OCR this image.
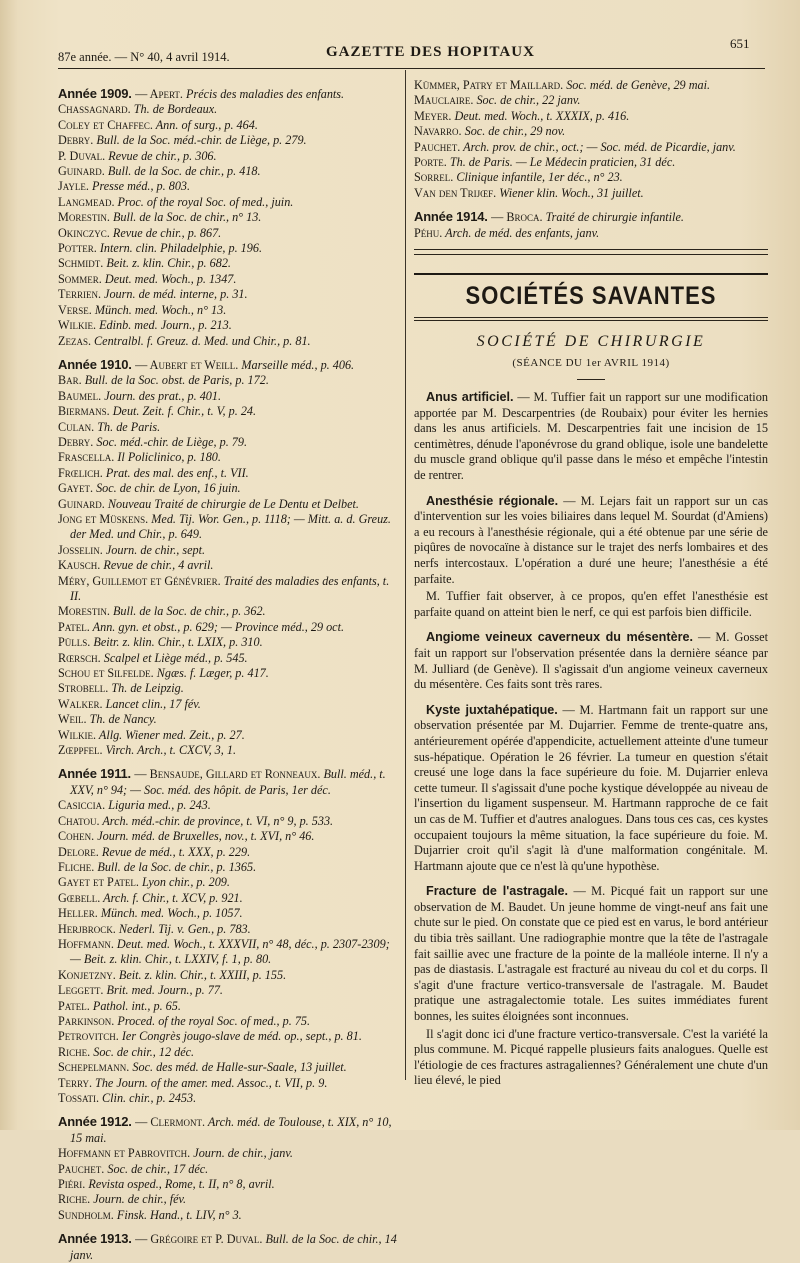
87e année. — N° 40, 4 avril 1914.	GAZETTE DES HOPITAUX
651

Année 1909. — Apert. Précis des maladies des enfants.

Chassagnard. Th. de Bordeaux.

Coley et Chaffec. Ann. of surg., p. 464.

Debry. Bull. de la Soc. méd.-chir. de Liège, p. 279.

P. Duval. Revue de chir., p. 306.

Guinard. Bull. de la Soc. de chir., p. 418.

Jayle. Presse méd., p. 803.

Langmead. Proc. of the royal Soc. of med., juin.

Morestin. Bull. de la Soc. de chir., n° 13.

Okinczyc. Revue de chir., p. 867.

Potter. Intern. clin. Philadelphie, p. 196.

Schmidt. Beit. z. klin. Chir., p. 682.

Sommer. Deut. med. Woch., p. 1347.

Terrien. Journ. de méd. interne, p. 31.

Verse. Münch. med. Woch., n° 13.

Wilkie. Edinb. med. Journ., p. 213.

Zezas. Centralbl. f. Greuz. d. Med. und Chir., p. 81.

Année 1910. — Aubert et Weill. Marseille méd., p. 406.

Bar. Bull. de la Soc. obst. de Paris, p. 172.

Baumel. Journ. des prat., p. 401.

Biermans. Deut. Zeit. f. Chir., t. V, p. 24.

Culan. Th. de Paris.

Debry. Soc. méd.-chir. de Liège, p. 79.

Frascella. Il Policlinico, p. 180.

Frœlich. Prat. des mal. des enf., t. VII.

Gayet. Soc. de chir. de Lyon, 16 juin.

Guinard. Nouveau Traité de chirurgie de Le Dentu et Delbet.

Jong et Müskens. Med. Tij. Wor. Gen., p. 1118; — Mitt. a. d. Greuz. der Med. und Chir., p. 649.

Josselin. Journ. de chir., sept.

Kausch. Revue de chir., 4 avril.

Méry, Guillemot et Génévrier. Traité des maladies des enfants, t. II.

Morestin. Bull. de la Soc. de chir., p. 362.

Patel. Ann. gyn. et obst., p. 629; — Province méd., 29 oct.

Pülls. Beitr. z. klin. Chir., t. LXIX, p. 310.

Rœrsch. Scalpel et Liège méd., p. 545.

Schou et Silfelde. Ngæs. f. Læger, p. 417.

Strobell. Th. de Leipzig.

Walker. Lancet clin., 17 fév.

Weil. Th. de Nancy.

Wilkie. Allg. Wiener med. Zeit., p. 27.

Zœppfel. Virch. Arch., t. CXCV, 3, 1.

Année 1911. — Bensaude, Gillard et Ronneaux. Bull. méd., t. XXV, n° 94; — Soc. méd. des hôpit. de Paris, 1er déc.

Casiccia. Liguria med., p. 243.

Chatou. Arch. méd.-chir. de province, t. VI, n° 9, p. 533.

Cohen. Journ. méd. de Bruxelles, nov., t. XVI, n° 46.

Delore. Revue de méd., t. XXX, p. 229.

Fliche. Bull. de la Soc. de chir., p. 1365.

Gayet et Patel. Lyon chir., p. 209.

Gœbell. Arch. f. Chir., t. XCV, p. 921.

Heller. Münch. med. Woch., p. 1057.

Herjbrock. Nederl. Tij. v. Gen., p. 783.

Hoffmann. Deut. med. Woch., t. XXXVII, n° 48, déc., p. 2307-2309; — Beit. z. klin. Chir., t. LXXIV, f. 1, p. 80.

Konjetzny. Beit. z. klin. Chir., t. XXIII, p. 155.

Leggett. Brit. med. Journ., p. 77.

Patel. Pathol. int., p. 65.

Parkinson. Proced. of the royal Soc. of med., p. 75.

Petrovitch. Ier Congrès jougo-slave de méd. op., sept., p. 81.

Riche. Soc. de chir., 12 déc.

Schepelmann. Soc. des méd. de Halle-sur-Saale, 13 juillet.

Terry. The Journ. of the amer. med. Assoc., t. VII, p. 9.

Tossati. Clin. chir., p. 2453.

Année 1912. — Clermont. Arch. méd. de Toulouse, t. XIX, n° 10, 15 mai.

Hoffmann et Pabrovitch. Journ. de chir., janv.

Pauchet. Soc. de chir., 17 déc.

Piéri. Revista osped., Rome, t. II, n° 8, avril.

Riche. Journ. de chir., fév.

Sundholm. Finsk. Hand., t. LIV, n° 3.

Année 1913. — Grégoire et P. Duval. Bull. de la Soc. de chir., 14 janv.

Kümmer, Patry et Maillard. Soc. méd. de Genève, 29 mai.

Mauclaire. Soc. de chir., 22 janv.

Meyer. Deut. med. Woch., t. XXXIX, p. 416.

Navarro. Soc. de chir., 29 nov.

Pauchet. Arch. prov. de chir., oct.; — Soc. méd. de Picardie, janv.

Porte. Th. de Paris. — Le Médecin praticien, 31 déc.

Sorrel. Clinique infantile, 1er déc., n° 23.

Van den Trijœf. Wiener klin. Woch., 31 juillet.

Année 1914. — Broca. Traité de chirurgie infantile.

Péhu. Arch. de méd. des enfants, janv.

SOCIÉTÉS SAVANTES
SOCIÉTÉ DE CHIRURGIE
(SÉANCE DU 1er AVRIL 1914)

Anus artificiel. — M. Tuffier fait un rapport sur une modification apportée par M. Descarpentries (de Roubaix) pour éviter les hernies dans les anus artificiels. M. Descarpentries fait une incision de 15 centimètres, dénude l'aponévrose du grand oblique, isole une bandelette du muscle grand oblique qu'il passe dans le méso et empêche l'intestin de rentrer.

Anesthésie régionale. — M. Lejars fait un rapport sur un cas d'intervention sur les voies biliaires dans lequel M. Sourdat (d'Amiens) a eu recours à l'anesthésie régionale, qui a été obtenue par une série de piqûres de novocaïne à distance sur le trajet des nerfs lombaires et des nerfs intercostaux. L'opération a duré une heure; l'anesthésie a été parfaite.

M. Tuffier fait observer, à ce propos, qu'en effet l'anesthésie est parfaite quand on atteint bien le nerf, ce qui est parfois bien difficile.

Angiome veineux caverneux du mésentère. — M. Gosset fait un rapport sur l'observation présentée dans la dernière séance par M. Julliard (de Genève). Il s'agissait d'un angiome veineux caverneux du mésentère. Ces faits sont très rares.

Kyste juxtahépatique. — M. Hartmann fait un rapport sur une observation présentée par M. Dujarrier. Femme de trente-quatre ans, antérieurement opérée d'appendicite, actuellement atteinte d'une tumeur sus-hépatique. Opération le 26 février. La tumeur en question s'était creusé une loge dans la face supérieure du foie. M. Dujarrier enleva cette tumeur. Il s'agissait d'une poche kystique développée au niveau de l'insertion du ligament suspenseur. M. Hartmann rapproche de ce fait un cas de M. Tuffier et d'autres analogues. Dans tous ces cas, ces kystes occupaient toujours la même situation, la face supérieure du foie. M. Dujarrier croit qu'il s'agit là d'une malformation congénitale. M. Hartmann ajoute que ce n'est là qu'une hypothèse.

Fracture de l'astragale. — M. Picqué fait un rapport sur une observation de M. Baudet. Un jeune homme de vingt-neuf ans fait une chute sur le pied. On constate que ce pied est en varus, le bord antérieur du tibia très saillant. Une radiographie montre que la tête de l'astragale fait saillie avec une fracture de la pointe de la malléole interne. Il n'y a pas de diastasis. L'astragale est fracturé au niveau du col et du corps. Il s'agit d'une fracture vertico-transversale de l'astragale. M. Baudet pratique une astragalectomie totale. Les suites immédiates furent bonnes, les suites éloignées sont inconnues.

Il s'agit donc ici d'une fracture vertico-transversale. C'est la variété la plus commune. M. Picqué rappelle plusieurs faits analogues. Quelle est l'étiologie de ces fractures astragaliennes? Généralement une chute d'un lieu élevé, le pied
